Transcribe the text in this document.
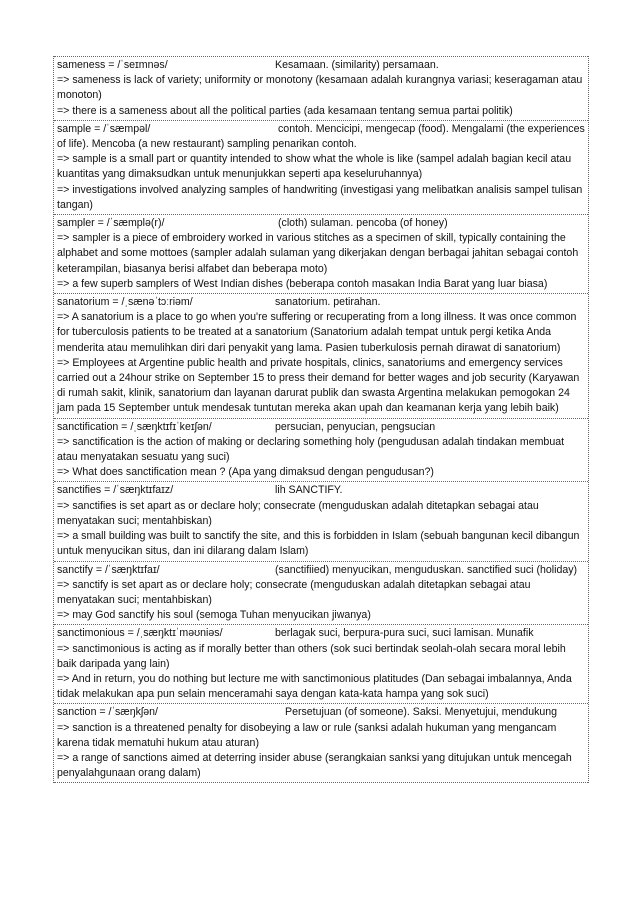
sameness = /ˈseɪmnəs/	Kesamaan. (similarity) persamaan.
=> sameness is lack of variety; uniformity or monotony (kesamaan adalah kurangnya variasi; keseragaman atau monoton)
=> there is a sameness about all the political parties (ada kesamaan tentang semua partai politik)
sample = /ˈsæmpəl/	contoh. Mencicipi, mengecap (food). Mengalami (the experiences of life). Mencoba (a new restaurant) sampling penarikan contoh.
=> sample is a small part or quantity intended to show what the whole is like (sampel adalah bagian kecil atau kuantitas yang dimaksudkan untuk menunjukkan seperti apa keseluruhannya)
=> investigations involved analyzing samples of handwriting (investigasi yang melibatkan analisis sampel tulisan tangan)
sampler = /ˈsæmplə(r)/	(cloth) sulaman. pencoba (of honey)
=> sampler is a piece of embroidery worked in various stitches as a specimen of skill, typically containing the alphabet and some mottoes (sampler adalah sulaman yang dikerjakan dengan berbagai jahitan sebagai contoh keterampilan, biasanya berisi alfabet dan beberapa moto)
=> a few superb samplers of West Indian dishes (beberapa contoh masakan India Barat yang luar biasa)
sanatorium = /ˌsænəˈtɔːriəm/	sanatorium. petirahan.
=> A sanatorium is a place to go when you're suffering or recuperating from a long illness. It was once common for tuberculosis patients to be treated at a sanatorium (Sanatorium adalah tempat untuk pergi ketika Anda menderita atau memulihkan diri dari penyakit yang lama. Pasien tuberkulosis pernah dirawat di sanatorium)
=> Employees at Argentine public health and private hospitals, clinics, sanatoriums and emergency services carried out a 24hour strike on September 15 to press their demand for better wages and job security (Karyawan di rumah sakit, klinik, sanatorium dan layanan darurat publik dan swasta Argentina melakukan pemogokan 24 jam pada 15 September untuk mendesak tuntutan mereka akan upah dan keamanan kerja yang lebih baik)
sanctification = /ˌsæŋktɪfɪˈkeɪʃən/	persucian, penyucian, pengsucian
=> sanctification is the action of making or declaring something holy (pengudusan adalah tindakan membuat atau menyatakan sesuatu yang suci)
=> What does sanctification mean ? (Apa yang dimaksud dengan pengudusan?)
sanctifies = /ˈsæŋktɪfaɪz/	lih SANCTIFY.
=> sanctifies is set apart as or declare holy; consecrate (menguduskan adalah ditetapkan sebagai atau menyatakan suci; mentahbiskan)
=> a small building was built to sanctify the site, and this is forbidden in Islam (sebuah bangunan kecil dibangun untuk menyucikan situs, dan ini dilarang dalam Islam)
sanctify = /ˈsæŋktɪfaɪ/	(sanctifiied) menyucikan, menguduskan. sanctified suci (holiday)
=> sanctify is set apart as or declare holy; consecrate (menguduskan adalah ditetapkan sebagai atau menyatakan suci; mentahbiskan)
=> may God sanctify his soul (semoga Tuhan menyucikan jiwanya)
sanctimonious = /ˌsæŋktɪˈməʊniəs/	berlagak suci, berpura-pura suci, suci lamisan. Munafik
=> sanctimonious is acting as if morally better than others (sok suci bertindak seolah-olah secara moral lebih baik daripada yang lain)
=> And in return, you do nothing but lecture me with sanctimonious platitudes (Dan sebagai imbalannya, Anda tidak melakukan apa pun selain menceramahi saya dengan kata-kata hampa yang sok suci)
sanction = /ˈsæŋkʃən/	Persetujuan (of someone). Saksi. Menyetujui, mendukung
=> sanction is a threatened penalty for disobeying a law or rule (sanksi adalah hukuman yang mengancam karena tidak mematuhi hukum atau aturan)
=> a range of sanctions aimed at deterring insider abuse (serangkaian sanksi yang ditujukan untuk mencegah penyalahgunaan orang dalam)
